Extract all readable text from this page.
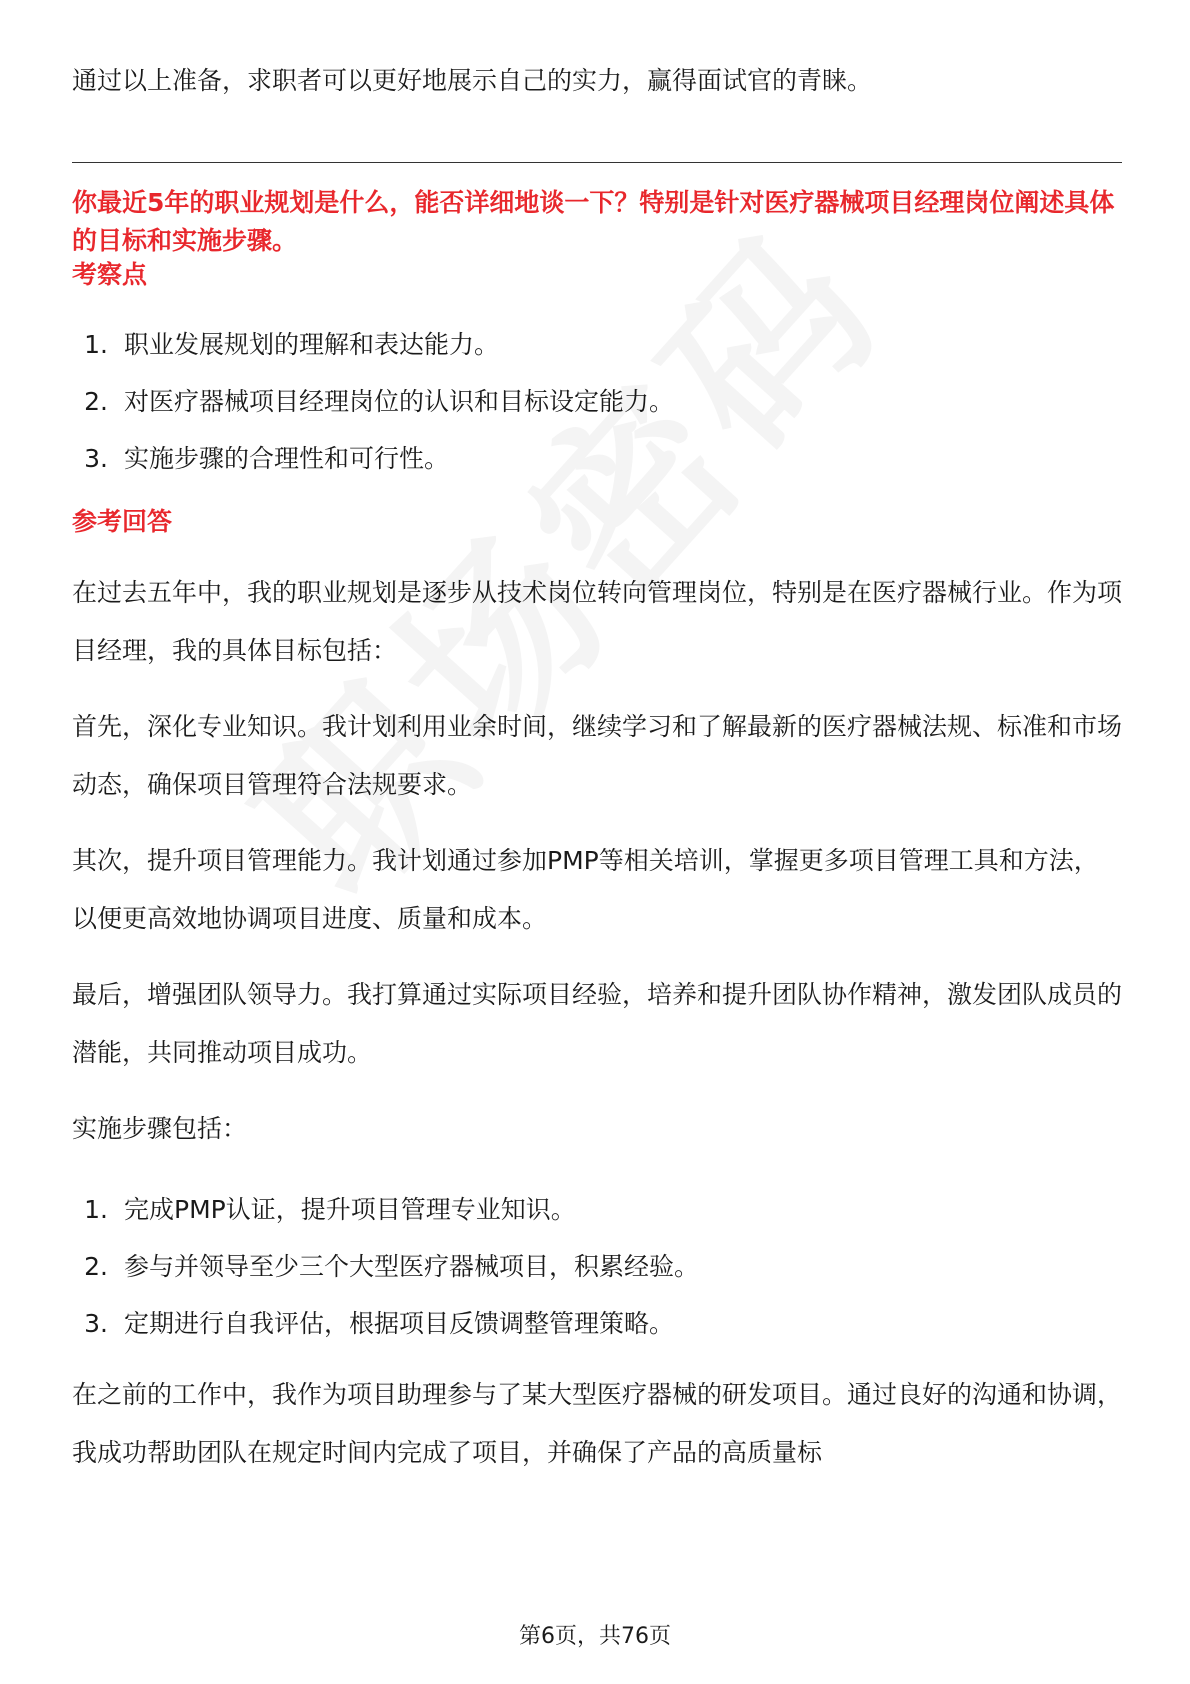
通过以上准备，求职者可以更好地展示自己的实力，赢得面试官的青睐。

你最近5年的职业规划是什么，能否详细地谈一下？特别是针对医疗器械项目经理岗位阐述具体的目标和实施步骤。

考察点
1. 职业发展规划的理解和表达能力。
2. 对医疗器械项目经理岗位的认识和目标设定能力。
3. 实施步骤的合理性和可行性。
参考回答

在过去五年中，我的职业规划是逐步从技术岗位转向管理岗位，特别是在医疗器械行业。作为项目经理，我的具体目标包括：

首先，深化专业知识。我计划利用业余时间，继续学习和了解最新的医疗器械法规、标准和市场动态，确保项目管理符合法规要求。

其次，提升项目管理能力。我计划通过参加PMP等相关培训，掌握更多项目管理工具和方法，以便更高效地协调项目进度、质量和成本。

最后，增强团队领导力。我打算通过实际项目经验，培养和提升团队协作精神，激发团队成员的潜能，共同推动项目成功。

实施步骤包括：

1. 完成PMP认证，提升项目管理专业知识。
2. 参与并领导至少三个大型医疗器械项目，积累经验。
3. 定期进行自我评估，根据项目反馈调整管理策略。

在之前的工作中，我作为项目助理参与了某大型医疗器械的研发项目。通过良好的沟通和协调，我成功帮助团队在规定时间内完成了项目，并确保了产品的高质量标

第6页，共76页
